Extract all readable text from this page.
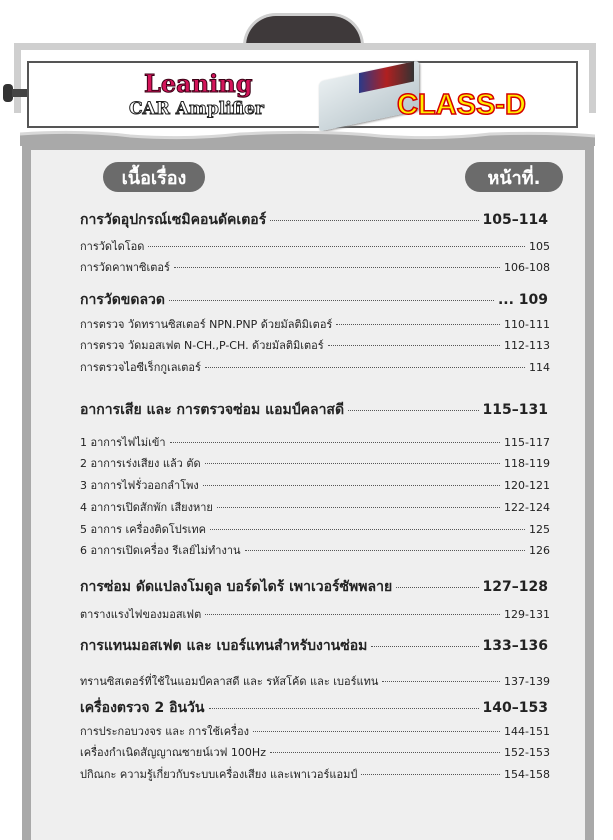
Leaning
CAR Amplifier	CLASS-D
เนื้อเรื่อง	หน้าที่.
การวัดอุปกรณ์เซมิคอนดัคเตอร์	105–114
การวัดไดโอด	105
การวัดคาพาซิเตอร์	106-108
การวัดขดลวด	... 109
การตรวจ วัดทรานซิสเตอร์ NPN.PNP ด้วยมัลติมิเตอร์	110-111
การตรวจ วัดมอสเฟต N-CH.,P-CH. ด้วยมัลติมิเตอร์	112-113
การตรวจไอซีเร็กกูเลเตอร์	114
อาการเสีย และ การตรวจซ่อม แอมป์คลาสดี	115–131
1 อาการไฟไม่เข้า	115-117
2 อาการเร่งเสียง แล้ว ตัด	118-119
3 อาการไฟรั่วออกลำโพง	120-121
4 อาการเปิดสักพัก เสียงหาย	122-124
5 อาการ เครื่องติดโปรเทค	125
6 อาการเปิดเครื่อง รีเลย์ไม่ทำงาน	126
การซ่อม ดัดแปลงโมดูล บอร์ดไดร้ เพาเวอร์ซัพพลาย	127–128
ตารางแรงไฟของมอสเฟต	129-131
การแทนมอสเฟต และ เบอร์แทนสำหรับงานซ่อม	133–136
ทรานซิสเตอร์ที่ใช้ในแอมป์คลาสดี และ รหัสโค้ด และ เบอร์แทน	137-139
เครื่องตรวจ 2 อินวัน	140–153
การประกอบวงจร และ การใช้เครื่อง	144-151
เครื่องกำเนิดสัญญาณซายน์เวฟ 100Hz	152-153
ปกิณกะ ความรู้เกี่ยวกับระบบเครื่องเสียง และเพาเวอร์แอมป์	154-158
